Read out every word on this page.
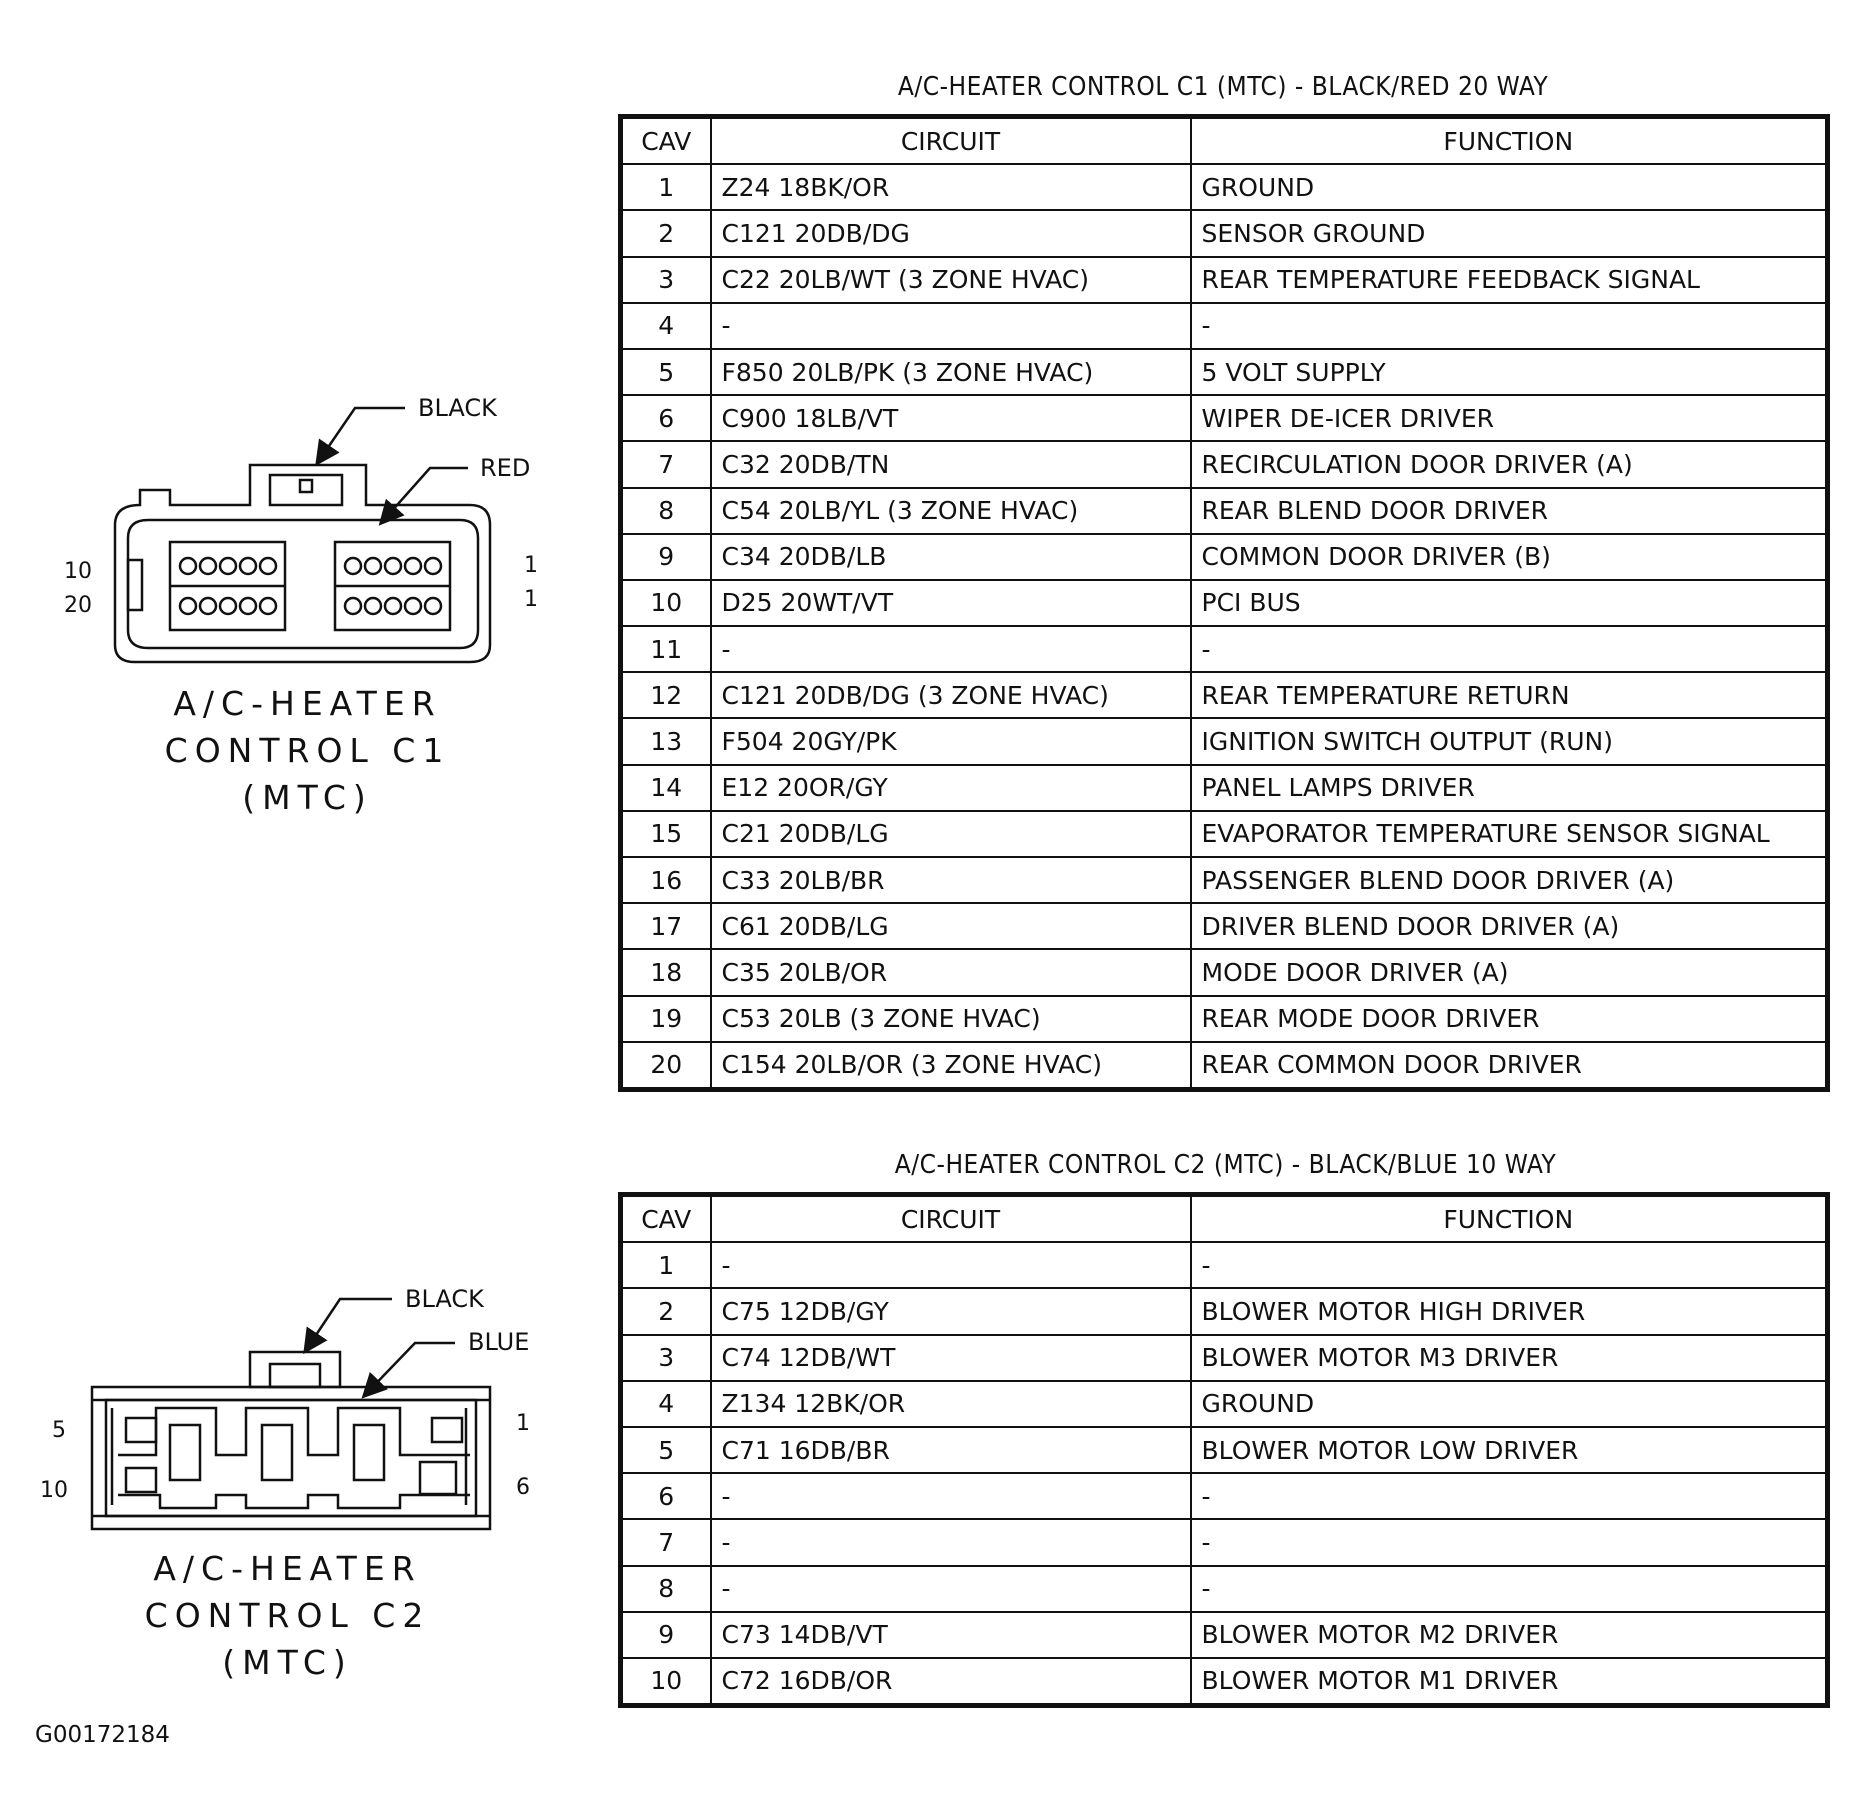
BLACK
RED
10
20
1
1
BLACK
BLUE
5
10
1
6
A/C-HEATER
CONTROL C1
(MTC)
A/C-HEATER
CONTROL C2
(MTC)
A/C-HEATER CONTROL C1 (MTC) - BLACK/RED 20 WAY
CAV	CIRCUIT	FUNCTION
1	Z24 18BK/OR	GROUND
2	C121 20DB/DG	SENSOR GROUND
3	C22 20LB/WT (3 ZONE HVAC)	REAR TEMPERATURE FEEDBACK SIGNAL
4	-	-
5	F850 20LB/PK (3 ZONE HVAC)	5 VOLT SUPPLY
6	C900 18LB/VT	WIPER DE-ICER DRIVER
7	C32 20DB/TN	RECIRCULATION DOOR DRIVER (A)
8	C54 20LB/YL (3 ZONE HVAC)	REAR BLEND DOOR DRIVER
9	C34 20DB/LB	COMMON DOOR DRIVER (B)
10	D25 20WT/VT	PCI BUS
11	-	-
12	C121 20DB/DG (3 ZONE HVAC)	REAR TEMPERATURE RETURN
13	F504 20GY/PK	IGNITION SWITCH OUTPUT (RUN)
14	E12 20OR/GY	PANEL LAMPS DRIVER
15	C21 20DB/LG	EVAPORATOR TEMPERATURE SENSOR SIGNAL
16	C33 20LB/BR	PASSENGER BLEND DOOR DRIVER (A)
17	C61 20DB/LG	DRIVER BLEND DOOR DRIVER (A)
18	C35 20LB/OR	MODE DOOR DRIVER (A)
19	C53 20LB (3 ZONE HVAC)	REAR MODE DOOR DRIVER
20	C154 20LB/OR (3 ZONE HVAC)	REAR COMMON DOOR DRIVER
A/C-HEATER CONTROL C2 (MTC) - BLACK/BLUE 10 WAY
CAV	CIRCUIT	FUNCTION
1	-	-
2	C75 12DB/GY	BLOWER MOTOR HIGH DRIVER
3	C74 12DB/WT	BLOWER MOTOR M3 DRIVER
4	Z134 12BK/OR	GROUND
5	C71 16DB/BR	BLOWER MOTOR LOW DRIVER
6	-	-
7	-	-
8	-	-
9	C73 14DB/VT	BLOWER MOTOR M2 DRIVER
10	C72 16DB/OR	BLOWER MOTOR M1 DRIVER
G00172184
